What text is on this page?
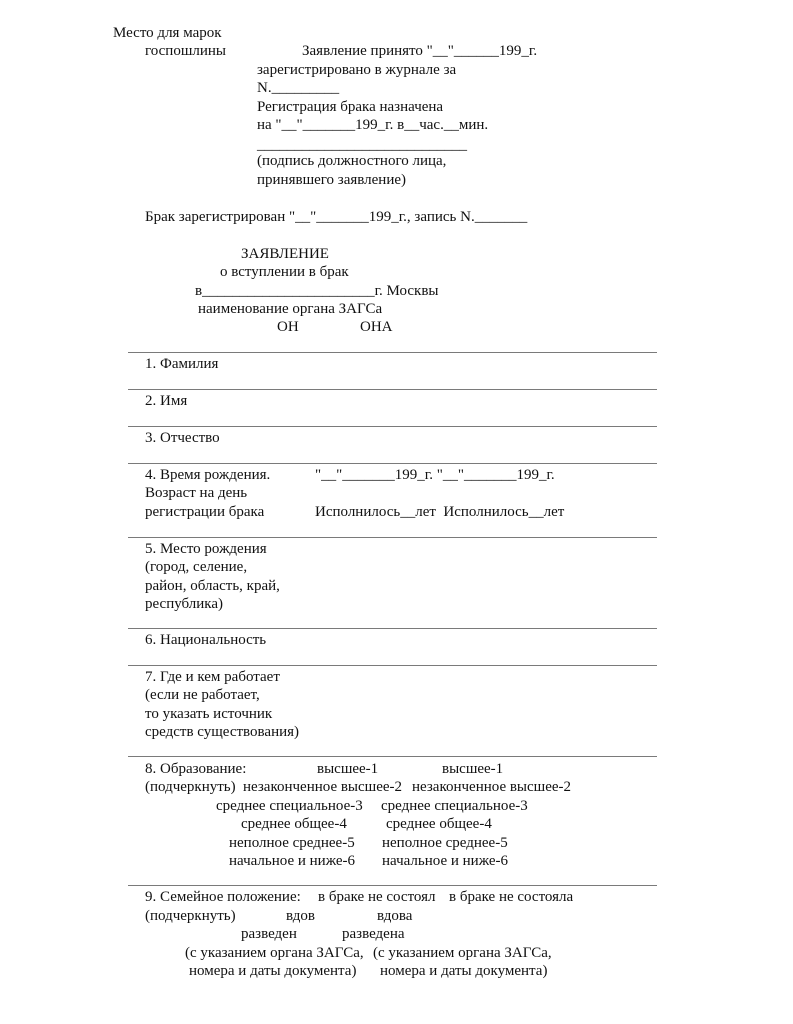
Место для марок
госпошлины	Заявление принято "__"______199_г.
зарегистрировано в журнале за
N._________
Регистрация брака назначена
на "__"_______199_г. в__час.__мин.
____________________________
(подпись должностного лица,
принявшего заявление)
Брак зарегистрирован "__"_______199_г., запись N._______
ЗАЯВЛЕНИЕ
о вступлении в брак
в_______________________г. Москвы
наименование органа ЗАГСа
ОН	ОНА
1. Фамилия
2. Имя
3. Отчество
4. Время рождения.
Возраст на день
регистрации брака
"__"_______199_г. "__"_______199_г.
Исполнилось__лет  Исполнилось__лет
5. Место рождения
(город, селение,
район, область, край,
республика)
6. Национальность
7. Где и кем работает
(если не работает,
то указать источник
средств существования)
8. Образование:
(подчеркнуть)
высшее-1	высшее-1
незаконченное высшее-2 незаконченное высшее-2
среднее специальное-3 среднее специальное-3
среднее общее-4	среднее общее-4
неполное среднее-5 неполное среднее-5
начальное и ниже-6 начальное и ниже-6
9. Семейное положение:
(подчеркнуть)
в браке не состоял в браке не состояла
вдов	вдова
разведен	разведена
(с указанием органа ЗАГСа, (с указанием органа ЗАГСа,
номера и даты документа) номера и даты документа)
